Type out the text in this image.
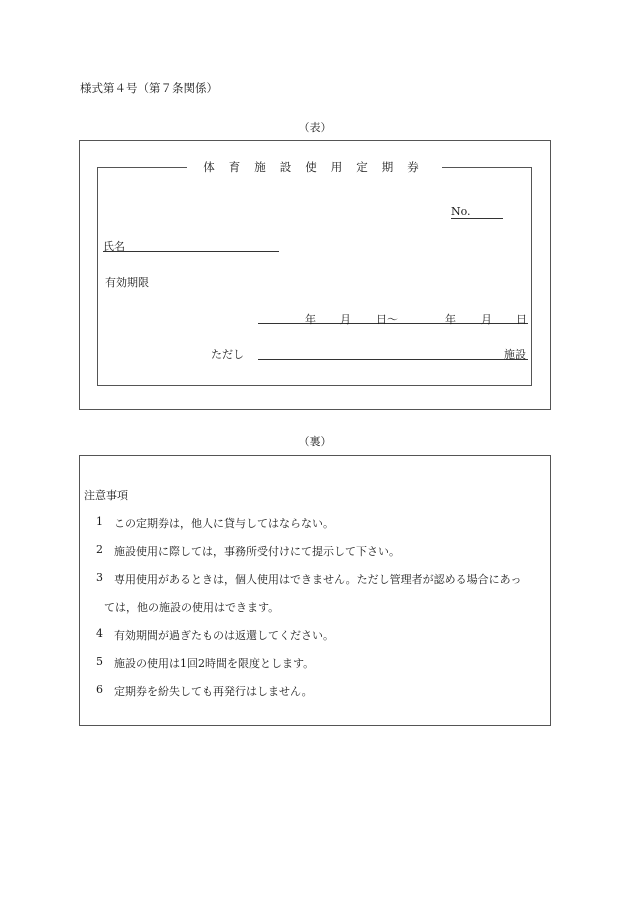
様式第４号（第７条関係）
（表）
体育施設使用定期券
No.
氏名
有効期限
年 月 日～	年 月 日
ただし	施設
（裏）
注意事項
1 この定期券は，他人に貸与してはならない。
2 施設使用に際しては，事務所受付けにて提示して下さい。
3 専用使用があるときは，個人使用はできません。ただし管理者が認める場合にあっ
ては，他の施設の使用はできます。
4 有効期間が過ぎたものは返還してください。
5 施設の使用は1回2時間を限度とします。
6 定期券を紛失しても再発行はしません。
